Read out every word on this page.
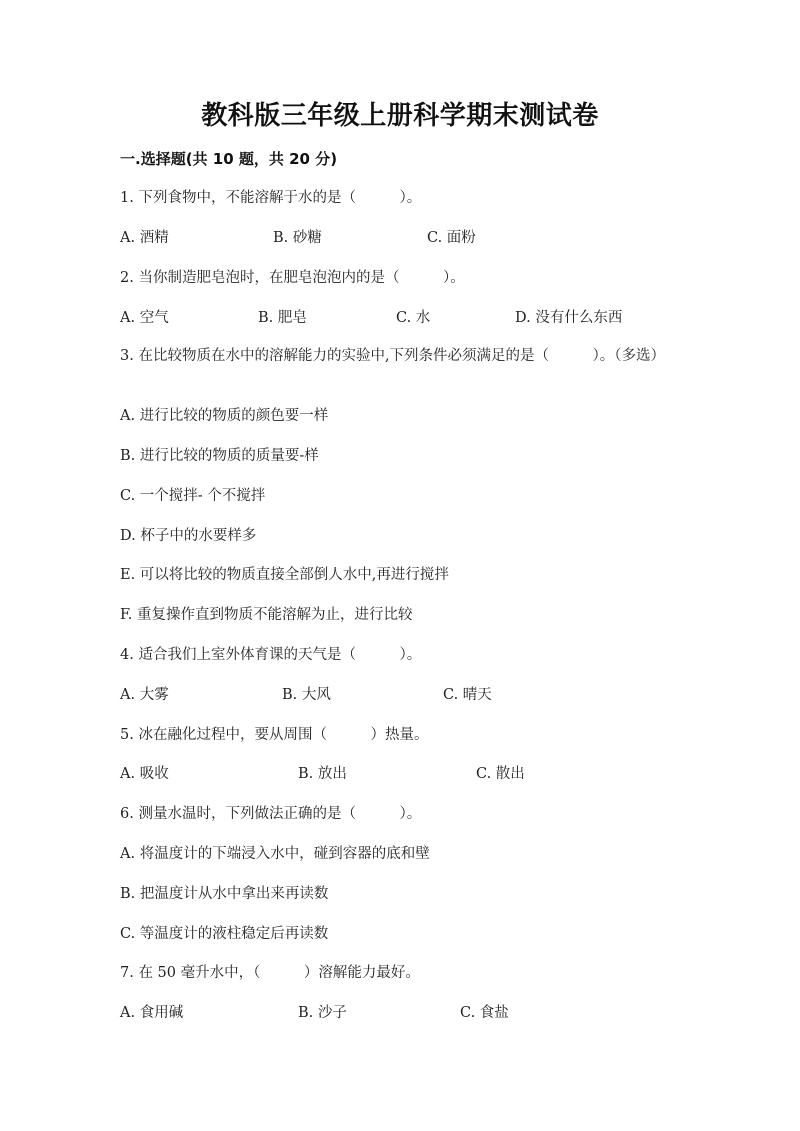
教科版三年级上册科学期末测试卷
一.选择题(共 10 题，共 20 分)
1. 下列食物中，不能溶解于水的是（　　　）。
A. 酒精	B. 砂糖	C. 面粉
2. 当你制造肥皂泡时，在肥皂泡泡内的是（　　　）。
A. 空气	B. 肥皂	C. 水	D. 没有什么东西
3. 在比较物质在水中的溶解能力的实验中,下列条件必须满足的是（　　　）。（多选）
A. 进行比较的物质的颜色要一样
B. 进行比较的物质的质量要-样
C. 一个搅拌- 个不搅拌
D. 杯子中的水要样多
E. 可以将比较的物质直接全部倒人水中,再进行搅拌
F. 重复操作直到物质不能溶解为止，进行比较
4. 适合我们上室外体育课的天气是（　　　）。
A. 大雾	B. 大风	C. 晴天
5. 冰在融化过程中，要从周围（　　　）热量。
A. 吸收	B. 放出	C. 散出
6. 测量水温时，下列做法正确的是（　　　）。
A. 将温度计的下端浸入水中，碰到容器的底和壁
B. 把温度计从水中拿出来再读数
C. 等温度计的液柱稳定后再读数
7. 在 50 毫升水中，（　　　）溶解能力最好。
A. 食用碱	B. 沙子	C. 食盐
